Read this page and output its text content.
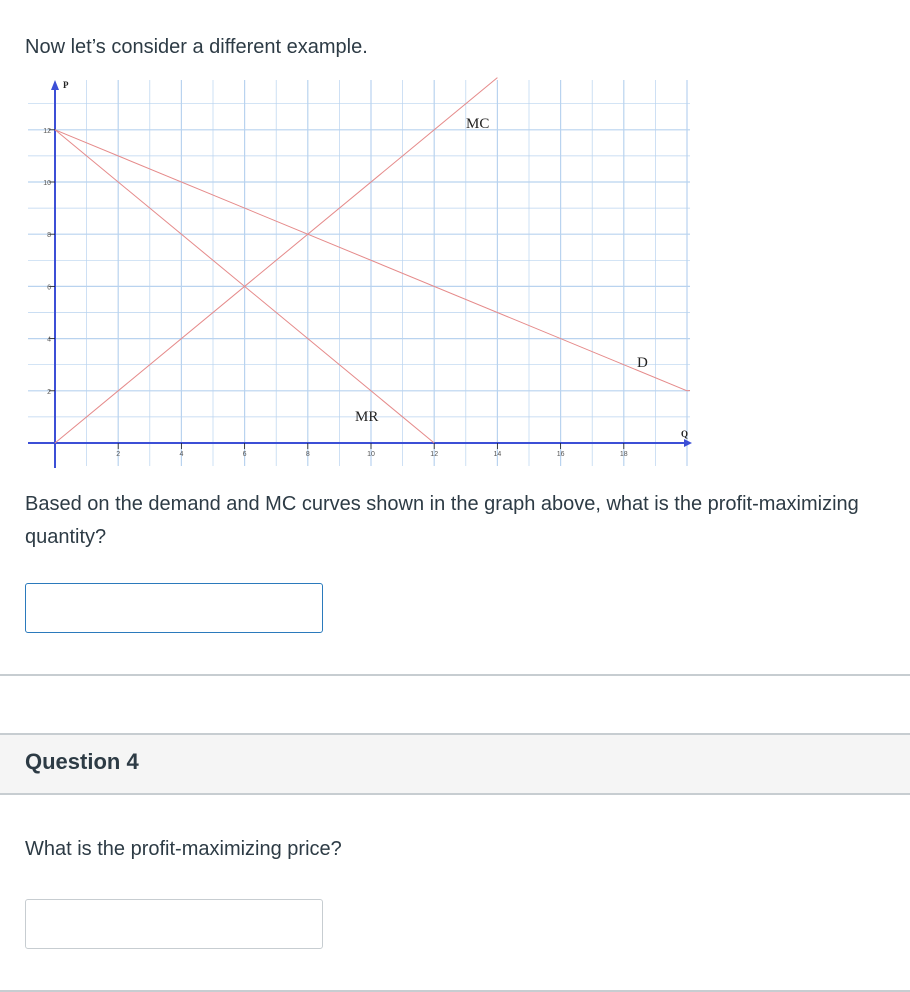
Now let’s consider a different example.
P
Q
2	4	6	8	10	12	14	16	18
2
4
6
8
10
12	MC
MR
D
Based on the demand and MC curves shown in the graph above, what is the profit-maximizing quantity?
Question 4
What is the profit-maximizing price?
